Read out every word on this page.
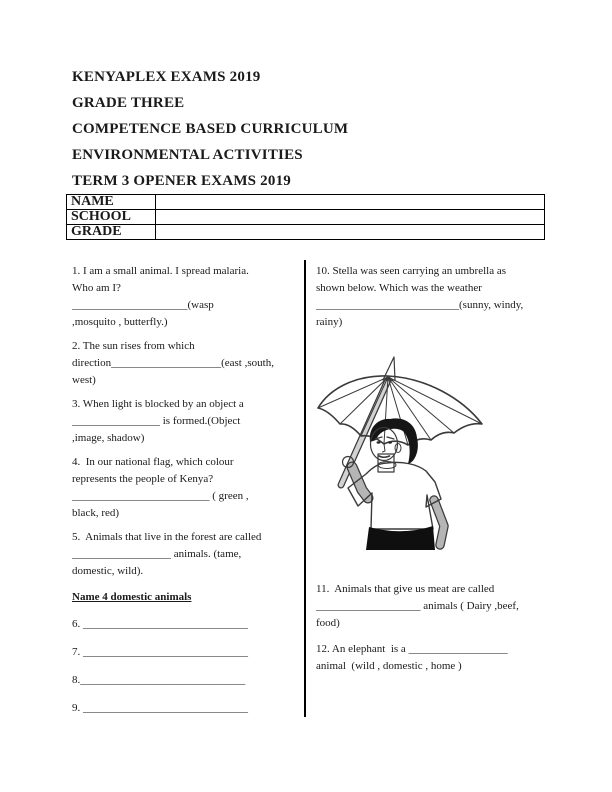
KENYAPLEX EXAMS 2019
GRADE THREE
COMPETENCE BASED CURRICULUM
ENVIRONMENTAL ACTIVITIES
TERM 3 OPENER EXAMS 2019
NAME	
SCHOOL	
GRADE	
1. I am a small animal. I spread malaria.
Who am I?
_____________________(wasp
,mosquito , butterfly.)
2. The sun rises from which
direction____________________(east ,south,
west)
3. When light is blocked by an object a
________________ is formed.(Object
,image, shadow)
4.  In our national flag, which colour
represents the people of Kenya?
_________________________ ( green ,
black, red)
5.  Animals that live in the forest are called
__________________ animals. (tame,
domestic, wild).
Name 4 domestic animals
6. ______________________________
7. ______________________________
8.______________________________
9. ______________________________
10. Stella was seen carrying an umbrella as
shown below. Which was the weather
__________________________(sunny, windy,
rainy)
11.  Animals that give us meat are called
___________________ animals ( Dairy ,beef,
food)
12. An elephant  is a __________________
animal  (wild , domestic , home )
